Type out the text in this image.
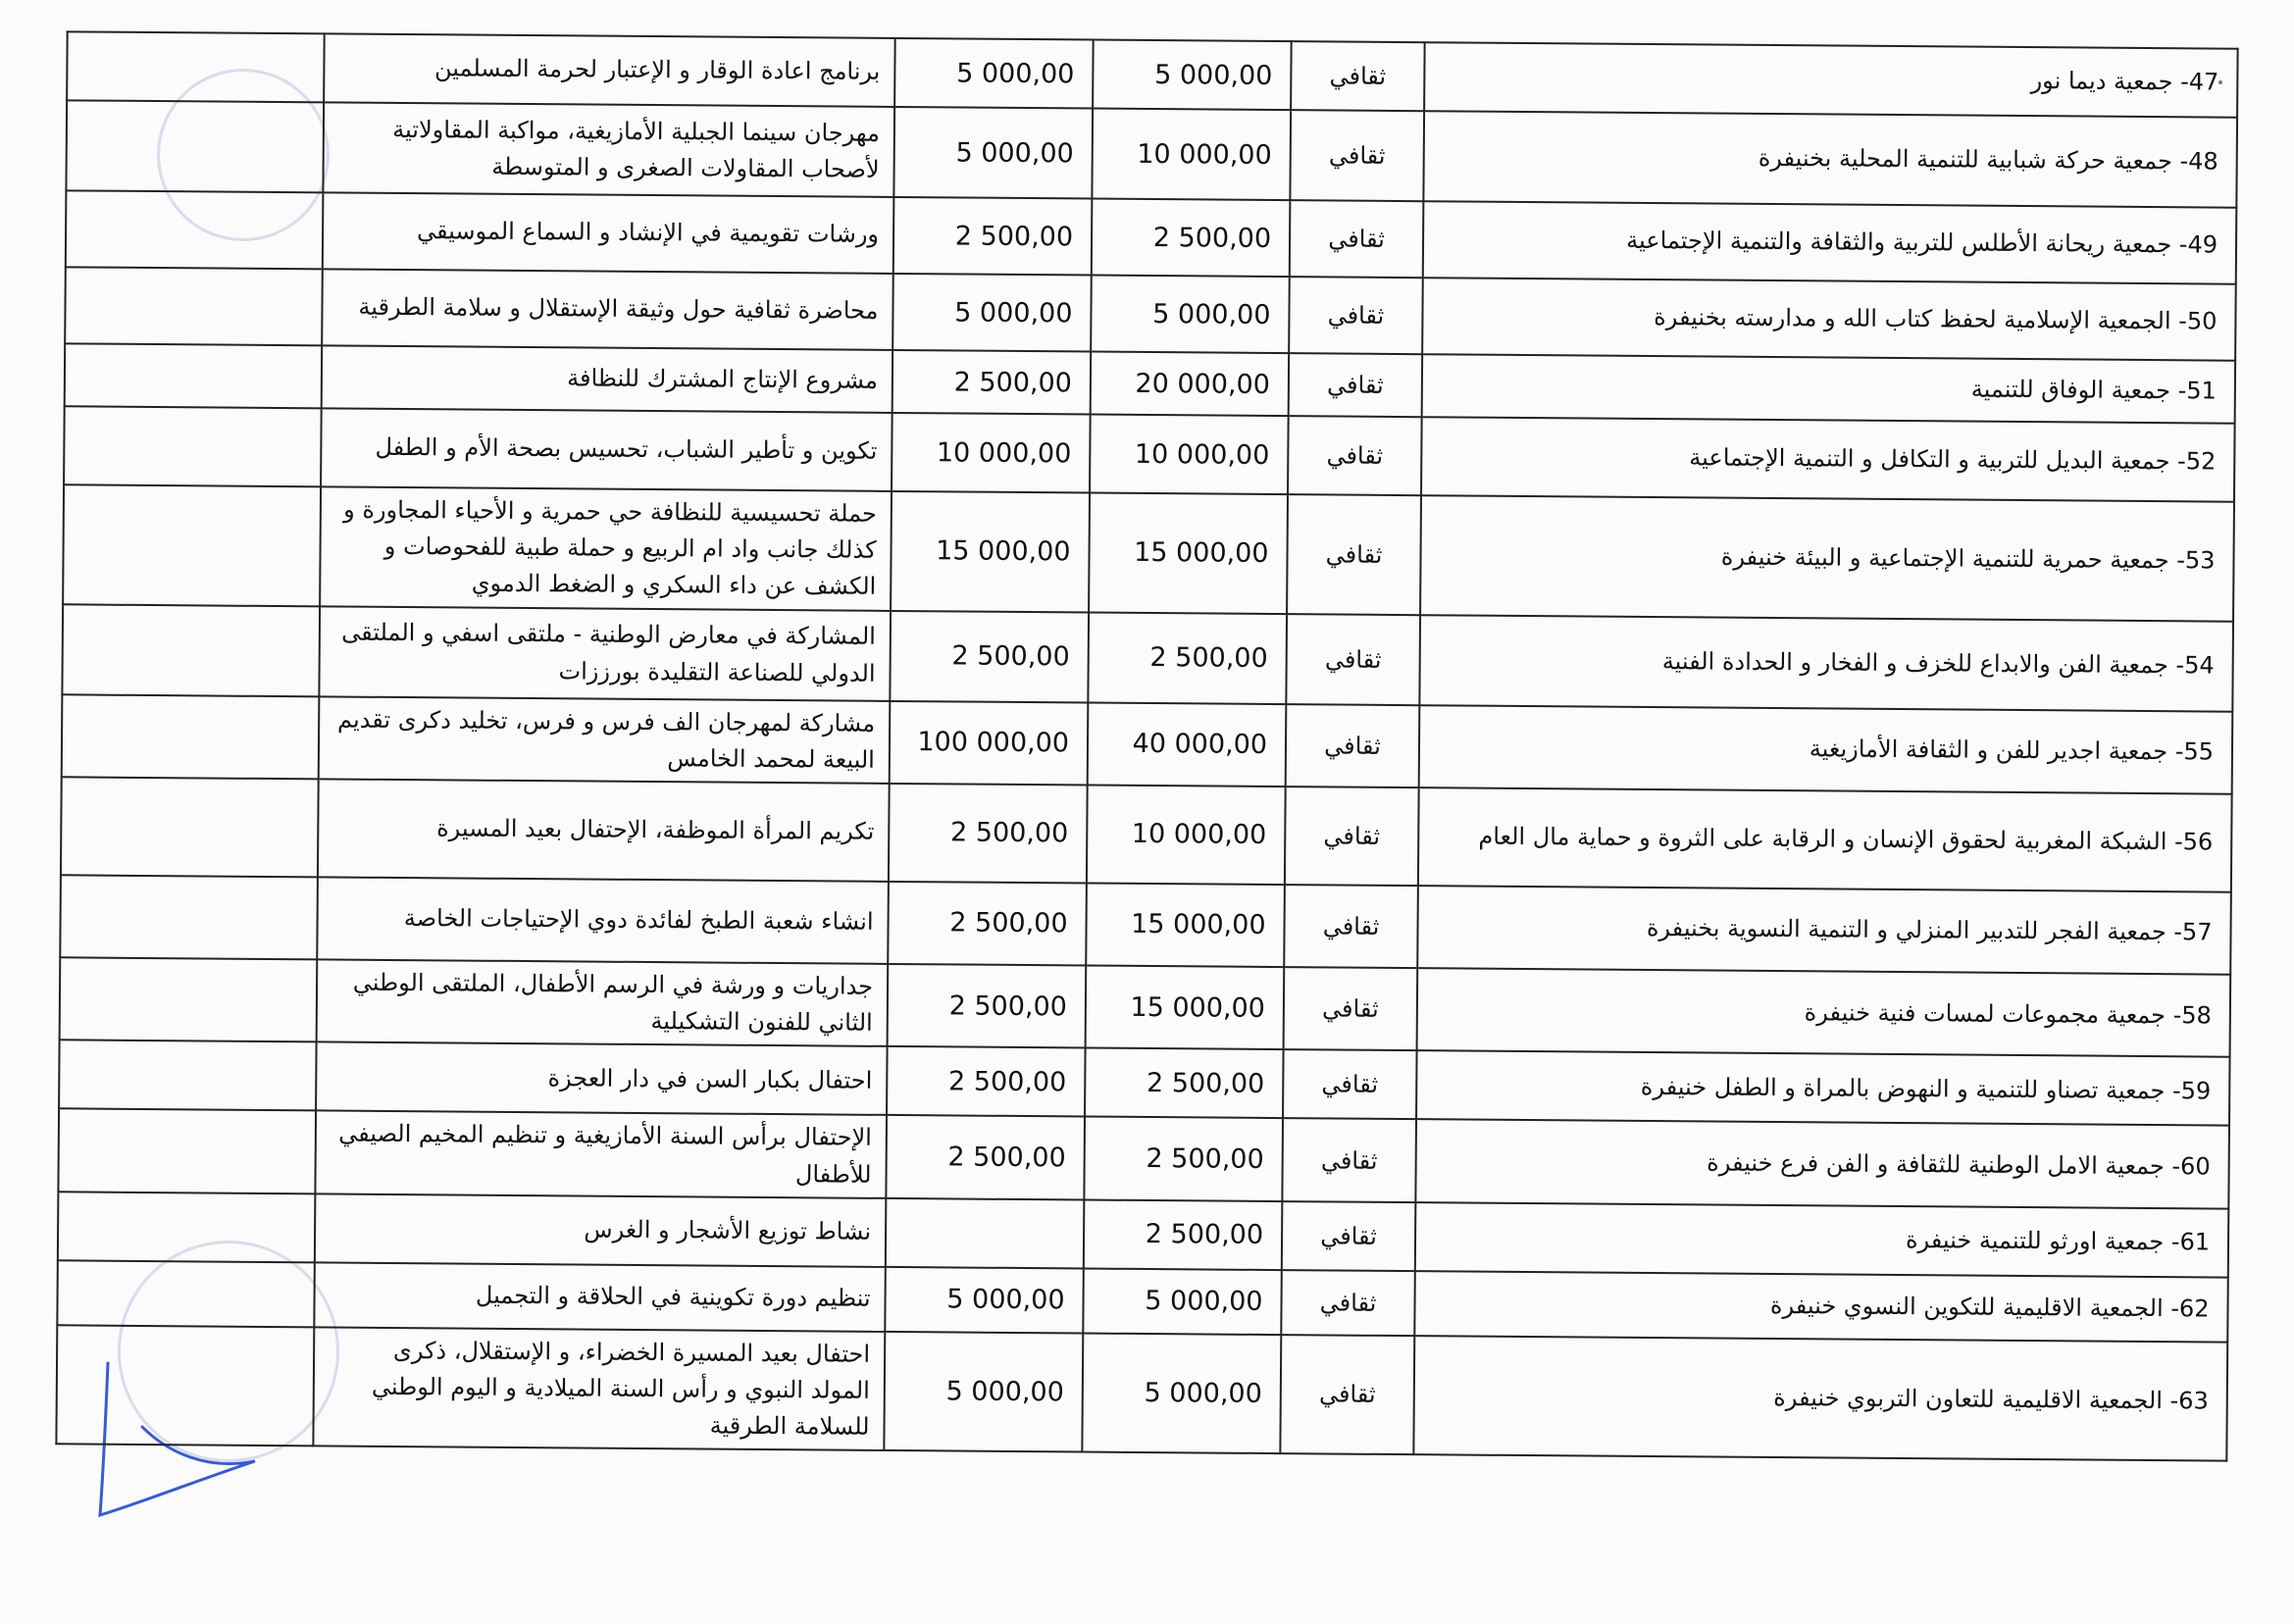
	برنامج اعادة الوقار و الإعتبار لحرمة المسلمين	5 000,00	5 000,00	ثقافي	47- جمعية ديما نور
	مهرجان سينما الجبلية الأمازيغية، مواكبة المقاولاتية لأصحاب المقاولات الصغرى و المتوسطة	5 000,00	10 000,00	ثقافي	48- جمعية حركة شبابية للتنمية المحلية بخنيفرة
	ورشات تقويمية في الإنشاد و السماع الموسيقي	2 500,00	2 500,00	ثقافي	49- جمعية ريحانة الأطلس للتربية والثقافة والتنمية الإجتماعية
	محاضرة ثقافية حول وثيقة الإستقلال و سلامة الطرقية	5 000,00	5 000,00	ثقافي	50- الجمعية الإسلامية لحفظ كتاب الله و مدارسته بخنيفرة
	مشروع الإنتاج المشترك للنظافة	2 500,00	20 000,00	ثقافي	51- جمعية الوفاق للتنمية
	تكوين و تأطير الشباب، تحسيس بصحة الأم و الطفل	10 000,00	10 000,00	ثقافي	52- جمعية البديل للتربية و التكافل و التنمية الإجتماعية
	حملة تحسيسية للنظافة حي حمرية و الأحياء المجاورة و كذلك جانب واد ام الربيع و حملة طبية للفحوصات و الكشف عن داء السكري و الضغط الدموي	15 000,00	15 000,00	ثقافي	53- جمعية حمرية للتنمية الإجتماعية و البيئة خنيفرة
	المشاركة في معارض الوطنية - ملتقى اسفي و الملتقى الدولي للصناعة التقليدة بورززات	2 500,00	2 500,00	ثقافي	54- جمعية الفن والابداع للخزف و الفخار و الحدادة الفنية
	مشاركة لمهرجان الف فرس و فرس، تخليد دكرى تقديم البيعة لمحمد الخامس	100 000,00	40 000,00	ثقافي	55- جمعية اجدير للفن و الثقافة الأمازيغية
	تكريم المرأة الموظفة، الإحتفال بعيد المسيرة	2 500,00	10 000,00	ثقافي	56- الشبكة المغربية لحقوق الإنسان و الرقابة على الثروة و حماية مال العام
	انشاء شعبة الطبخ لفائدة دوي الإحتياجات الخاصة	2 500,00	15 000,00	ثقافي	57- جمعية الفجر للتدبير المنزلي و التنمية النسوية بخنيفرة
	جداريات و ورشة في الرسم الأطفال، الملتقى الوطني الثاني للفنون التشكيلية	2 500,00	15 000,00	ثقافي	58- جمعية مجموعات لمسات فنية خنيفرة
	احتفال بكبار السن في دار العجزة	2 500,00	2 500,00	ثقافي	59- جمعية تصناو للتنمية و النهوض بالمراة و الطفل خنيفرة
	الإحتفال برأس السنة الأمازيغية و تنظيم المخيم الصيفي للأطفال	2 500,00	2 500,00	ثقافي	60- جمعية الامل الوطنية للثقافة و الفن فرع خنيفرة
	نشاط توزيع الأشجار و الغرس		2 500,00	ثقافي	61- جمعية اورثو للتنمية خنيفرة
	تنظيم دورة تكوينية في الحلاقة و التجميل	5 000,00	5 000,00	ثقافي	62- الجمعية الاقليمية للتكوين النسوي خنيفرة
	احتفال بعيد المسيرة الخضراء، و الإستقلال، ذكرى المولد النبوي و رأس السنة الميلادية و اليوم الوطني للسلامة الطرقية	5 000,00	5 000,00	ثقافي	63- الجمعية الاقليمية للتعاون التربوي خنيفرة
